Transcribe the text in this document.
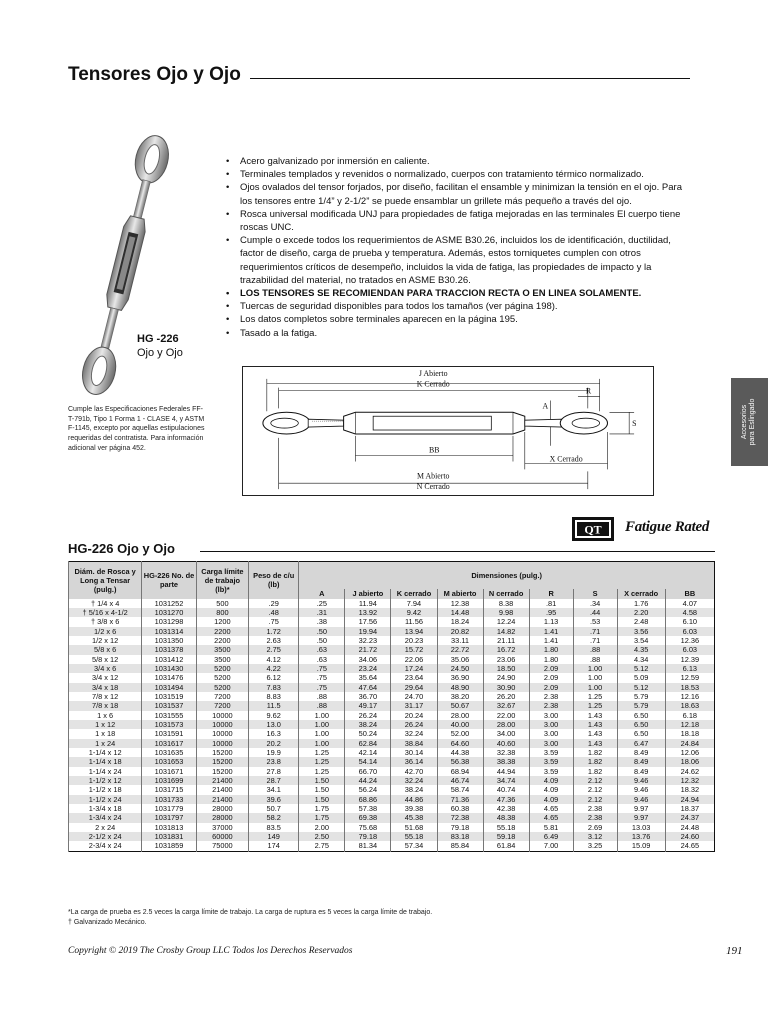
Tensores Ojo y Ojo
HG -226
Ojo y Ojo
Cumple las Especificaciones Federales FF-T-791b, Tipo 1 Forma 1 - CLASE 4, y ASTM F-1145, excepto por aquellas estipulaciones requeridas del contratista. Para información adicional ver página 452.
• Acero galvanizado por inmersión en caliente.
• Terminales templados y revenidos o normalizado, cuerpos con tratamiento térmico normalizado.
• Ojos ovalados del tensor forjados, por diseño, facilitan el ensamble y minimizan la tensión en el ojo. Para los tensores entre 1/4” y 2-1/2” se puede ensamblar un grillete más pequeño a través del ojo.
• Rosca universal modificada UNJ para propiedades de fatiga mejoradas en las terminales El cuerpo tiene roscas UNC.
• Cumple o excede todos los requerimientos de ASME B30.26, incluidos los de identificación, ductilidad, factor de diseño, carga de prueba y temperatura. Además, estos torniquetes cumplen con otros requerimientos críticos de desempeño, incluidos la vida de fatiga, las propiedades de impacto y la trazabilidad del material, no tratados en ASME B30.26.
• LOS TENSORES SE RECOMIENDAN PARA TRACCION RECTA O EN LINEA SOLAMENTE.
• Tuercas de seguridad disponibles para todos los tamaños (ver página 198).
• Los datos completos sobre terminales aparecen en la página 195.
• Tasado a la fatiga.
J Abierto
K Cerrado
A
R
S
BB
X Cerrado
M Abierto
N Cerrado
Accesorios para Eslingado
QT Fatigue Rated
HG-226 Ojo y Ojo
Diám. de Rosca y Long a Tensar (pulg.)	HG-226 No. de parte	Carga límite de trabajo (lb)*	Peso de c/u (lb)	Dimensiones (pulg.)								
				A	J abierto	K cerrado	M abierto	N cerrado	R	S	X cerrado	BB
† 1/4 x 4	1031252	500	.29	.25	11.94	7.94	12.38	8.38	.81	.34	1.76	4.07
† 5/16 x 4-1/2	1031270	800	.48	.31	13.92	9.42	14.48	9.98	.95	.44	2.20	4.58
† 3/8 x 6	1031298	1200	.75	.38	17.56	11.56	18.24	12.24	1.13	.53	2.48	6.10
1/2 x 6	1031314	2200	1.72	.50	19.94	13.94	20.82	14.82	1.41	.71	3.56	6.03
1/2 x 12	1031350	2200	2.63	.50	32.23	20.23	33.11	21.11	1.41	.71	3.54	12.36
5/8 x 6	1031378	3500	2.75	.63	21.72	15.72	22.72	16.72	1.80	.88	4.35	6.03
5/8 x 12	1031412	3500	4.12	.63	34.06	22.06	35.06	23.06	1.80	.88	4.34	12.39
3/4 x 6	1031430	5200	4.22	.75	23.24	17.24	24.50	18.50	2.09	1.00	5.12	6.13
3/4 x 12	1031476	5200	6.12	.75	35.64	23.64	36.90	24.90	2.09	1.00	5.09	12.59
3/4 x 18	1031494	5200	7.83	.75	47.64	29.64	48.90	30.90	2.09	1.00	5.12	18.53
7/8 x 12	1031519	7200	8.83	.88	36.70	24.70	38.20	26.20	2.38	1.25	5.79	12.16
7/8 x 18	1031537	7200	11.5	.88	49.17	31.17	50.67	32.67	2.38	1.25	5.79	18.63
1 x 6	1031555	10000	9.62	1.00	26.24	20.24	28.00	22.00	3.00	1.43	6.50	6.18
1 x 12	1031573	10000	13.0	1.00	38.24	26.24	40.00	28.00	3.00	1.43	6.50	12.18
1 x 18	1031591	10000	16.3	1.00	50.24	32.24	52.00	34.00	3.00	1.43	6.50	18.18
1 x 24	1031617	10000	20.2	1.00	62.84	38.84	64.60	40.60	3.00	1.43	6.47	24.84
1-1/4 x 12	1031635	15200	19.9	1.25	42.14	30.14	44.38	32.38	3.59	1.82	8.49	12.06
1-1/4 x 18	1031653	15200	23.8	1.25	54.14	36.14	56.38	38.38	3.59	1.82	8.49	18.06
1-1/4 x 24	1031671	15200	27.8	1.25	66.70	42.70	68.94	44.94	3.59	1.82	8.49	24.62
1-1/2 x 12	1031699	21400	28.7	1.50	44.24	32.24	46.74	34.74	4.09	2.12	9.46	12.32
1-1/2 x 18	1031715	21400	34.1	1.50	56.24	38.24	58.74	40.74	4.09	2.12	9.46	18.32
1-1/2 x 24	1031733	21400	39.6	1.50	68.86	44.86	71.36	47.36	4.09	2.12	9.46	24.94
1-3/4 x 18	1031779	28000	50.7	1.75	57.38	39.38	60.38	42.38	4.65	2.38	9.97	18.37
1-3/4 x 24	1031797	28000	58.2	1.75	69.38	45.38	72.38	48.38	4.65	2.38	9.97	24.37
2 x 24	1031813	37000	83.5	2.00	75.68	51.68	79.18	55.18	5.81	2.69	13.03	24.48
2-1/2 x 24	1031831	60000	149	2.50	79.18	55.18	83.18	59.18	6.49	3.12	13.76	24.60
2-3/4 x 24	1031859	75000	174	2.75	81.34	57.34	85.84	61.84	7.00	3.25	15.09	24.65
*La carga de prueba es 2.5 veces la carga límite de trabajo. La carga de ruptura es 5 veces la carga límite de trabajo.
† Galvanizado Mecánico.
Copyright © 2019 The Crosby Group LLC Todos los Derechos Reservados	191
